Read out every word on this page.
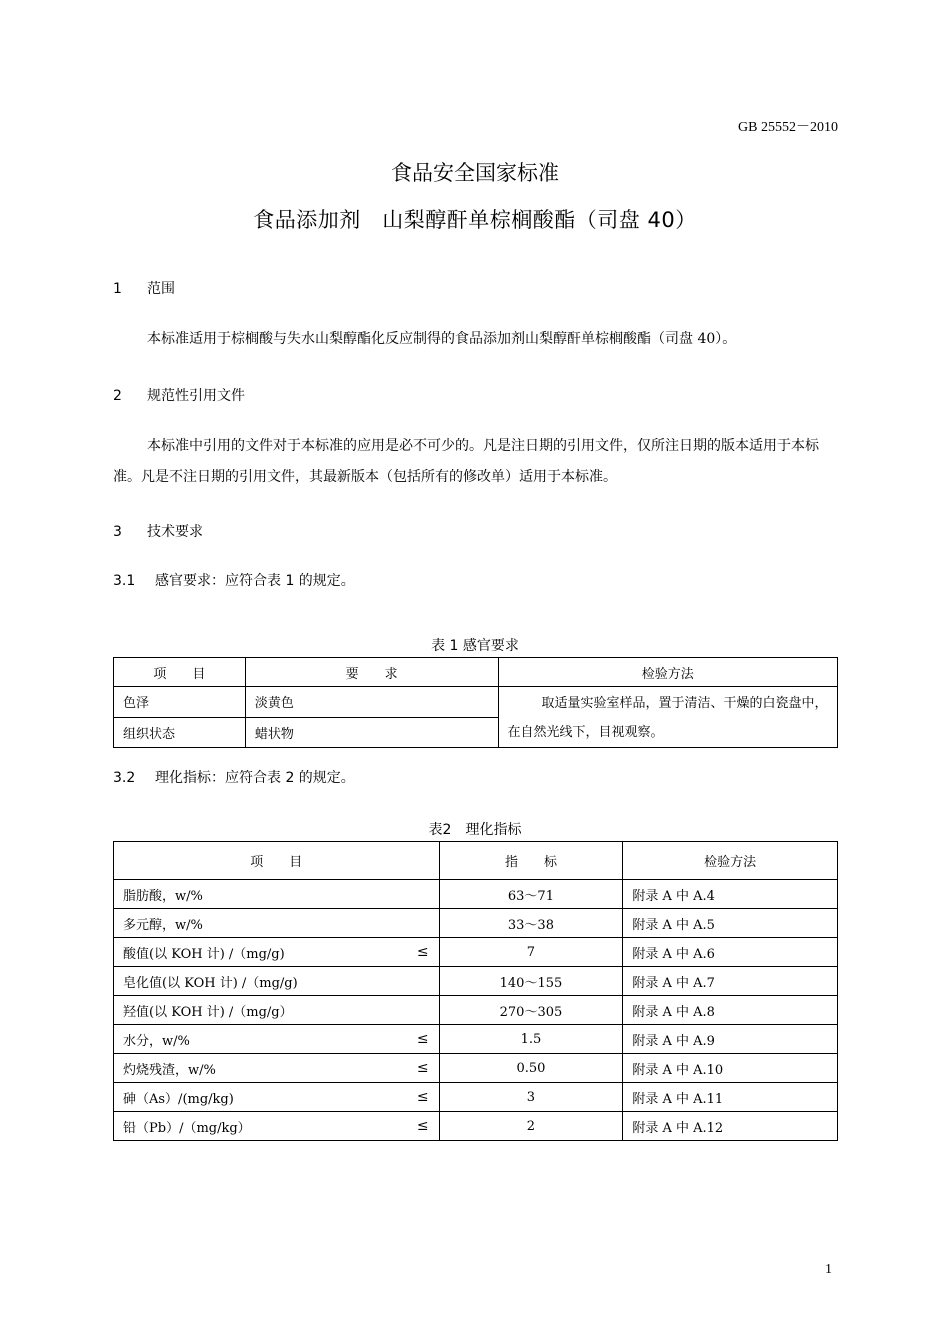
GB 25552－2010
食品安全国家标准
食品添加剂　山梨醇酐单棕榈酸酯（司盘 40）
1 范围
本标准适用于棕榈酸与失水山梨醇酯化反应制得的食品添加剂山梨醇酐单棕榈酸酯（司盘 40）。
2 规范性引用文件
本标准中引用的文件对于本标准的应用是必不可少的。凡是注日期的引用文件，仅所注日期的版本适用于本标准。凡是不注日期的引用文件，其最新版本（包括所有的修改单）适用于本标准。
3 技术要求
3.1 感官要求：应符合表 1 的规定。
表 1 感官要求
项　　目	要　　求	检验方法
色泽	淡黄色	取适量实验室样品，置于清洁、干燥的白瓷盘中，在自然光线下，目视观察。
组织状态	蜡状物	
3.2 理化指标：应符合表 2 的规定。
表2　理化指标
项　　目	指　　标	检验方法
脂肪酸，w/%	63～71	附录 A 中 A.4
多元醇，w/%	33～38	附录 A 中 A.5
酸值(以 KOH 计) /（mg/g) ≤	7	附录 A 中 A.6
皂化值(以 KOH 计) /（mg/g)	140～155	附录 A 中 A.7
羟值(以 KOH 计) /（mg/g）	270～305	附录 A 中 A.8
水分，w/% ≤	1.5	附录 A 中 A.9
灼烧残渣，w/% ≤	0.50	附录 A 中 A.10
砷（As）/(mg/kg) ≤	3	附录 A 中 A.11
铅（Pb）/（mg/kg） ≤	2	附录 A 中 A.12
1
